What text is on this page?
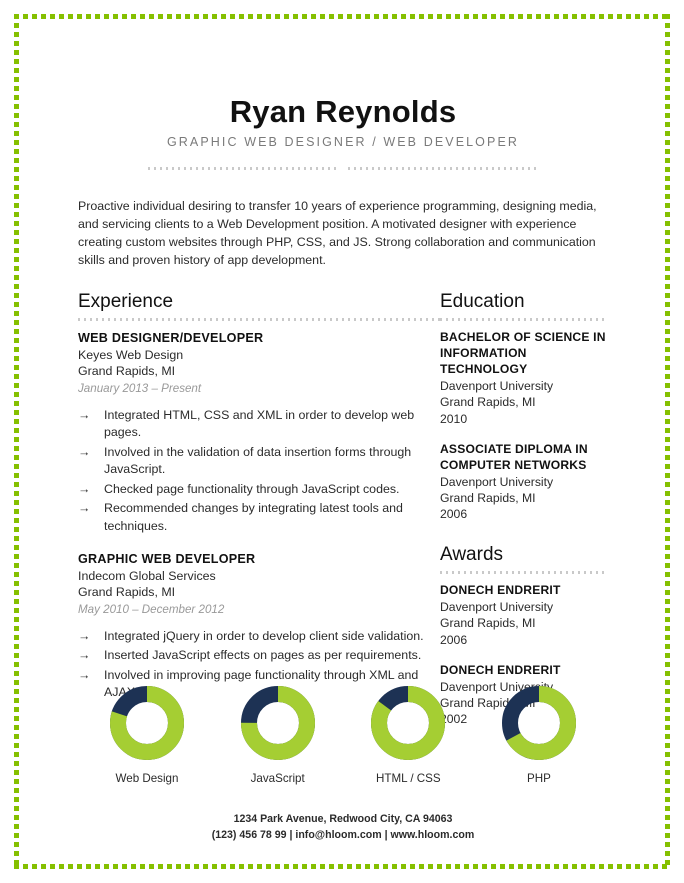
Ryan Reynolds
GRAPHIC WEB DESIGNER / WEB DEVELOPER
Proactive individual desiring to transfer 10 years of experience programming, designing media, and servicing clients to a Web Development position. A motivated designer with experience creating custom websites through PHP, CSS, and JS. Strong collaboration and communication skills and proven history of app development.
Experience
WEB DESIGNER/DEVELOPER
Keyes Web Design
Grand Rapids, MI
January 2013 – Present
→ Integrated HTML, CSS and XML in order to develop web pages.
→ Involved in the validation of data insertion forms through JavaScript.
→ Checked page functionality through JavaScript codes.
→ Recommended changes by integrating latest tools and techniques.
GRAPHIC WEB DEVELOPER
Indecom Global Services
Grand Rapids, MI
May 2010 – December 2012
→ Integrated jQuery in order to develop client side validation.
→ Inserted JavaScript effects on pages as per requirements.
→ Involved in improving page functionality through XML and AJAX.
Education
BACHELOR OF SCIENCE IN INFORMATION TECHNOLOGY
Davenport University
Grand Rapids, MI
2010
ASSOCIATE DIPLOMA IN COMPUTER NETWORKS
Davenport University
Grand Rapids, MI
2006
Awards
DONECH ENDRERIT
Davenport University
Grand Rapids, MI
2006
DONECH ENDRERIT
Davenport University
Grand Rapids, MI
2002
Web Design	JavaScript	HTML / CSS	PHP
1234 Park Avenue, Redwood City, CA 94063
(123) 456 78 99 | info@hloom.com | www.hloom.com
